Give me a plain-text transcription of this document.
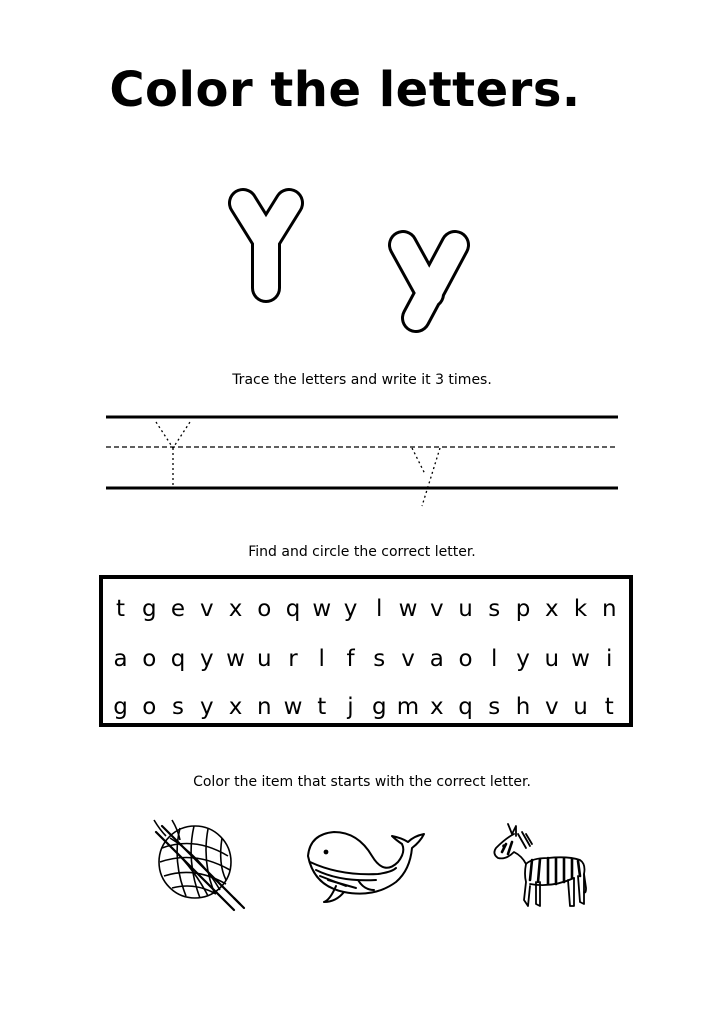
Color the letters.
Trace the letters and write it 3 times.
Find and circle the correct letter.
t g e v x o q w y l w v u s p x k n
a o q y w u r l f s v a o l y u w i
g o s y x n w t j g m x q s h v u t
Color the item that starts with the correct letter.
